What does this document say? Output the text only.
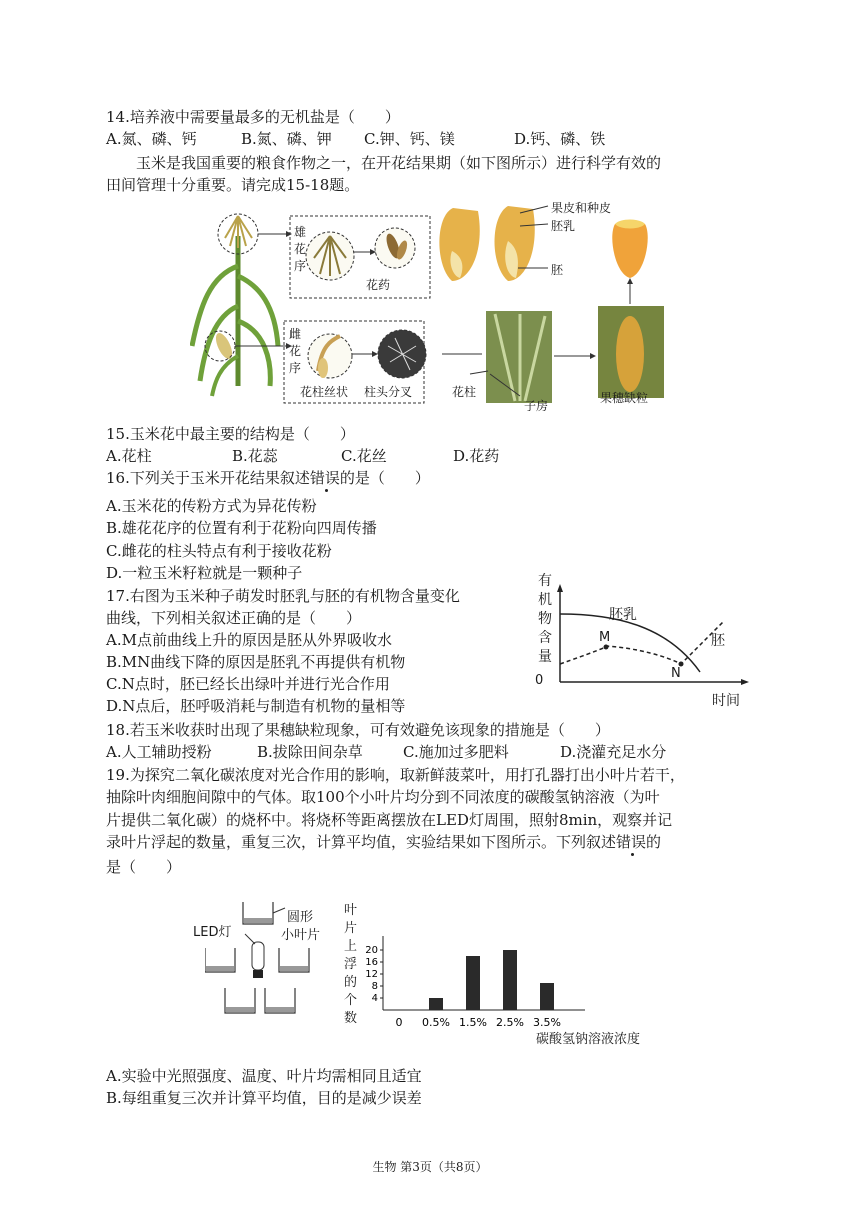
14.培养液中需要量最多的无机盐是（　　）
A.氮、磷、钙	B.氮、磷、钾 C.钾、钙、镁	D.钙、磷、铁
玉米是我国重要的粮食作物之一，在开花结果期（如下图所示）进行科学有效的
田间管理十分重要。请完成15-18题。
雄
花
序
花药
雌
花
序
花柱丝状 柱头分叉	花柱
子房
果皮和种皮
胚乳
胚
果穗缺粒
15.玉米花中最主要的结构是（　　）
A.花柱	B.花蕊	C.花丝	D.花药
16.下列关于玉米开花结果叙述错误的是（　　）
A.玉米花的传粉方式为异花传粉
B.雄花花序的位置有利于花粉向四周传播
C.雌花的柱头特点有利于接收花粉
D.一粒玉米籽粒就是一颗种子
17.右图为玉米种子萌发时胚乳与胚的有机物含量变化
曲线，下列相关叙述正确的是（　　）
A.M点前曲线上升的原因是胚从外界吸收水
B.MN曲线下降的原因是胚乳不再提供有机物
C.N点时，胚已经长出绿叶并进行光合作用
D.N点后，胚呼吸消耗与制造有机物的量相等
有
机
物
含
量
0
胚乳
胚
M
N
时间
18.若玉米收获时出现了果穗缺粒现象，可有效避免该现象的措施是（　　）
A.人工辅助授粉	B.拔除田间杂草	C.施加过多肥料	D.浇灌充足水分
19.为探究二氧化碳浓度对光合作用的影响，取新鲜菠菜叶，用打孔器打出小叶片若干，
抽除叶肉细胞间隙中的气体。取100个小叶片均分到不同浓度的碳酸氢钠溶液（为叶
片提供二氧化碳）的烧杯中。将烧杯等距离摆放在LED灯周围，照射8min，观察并记
录叶片浮起的数量，重复三次，计算平均值，实验结果如下图所示。下列叙述错误的
是（　　）
LED灯
圆形
小叶片
叶
片
上
浮
的
个
数
4
8
12
16
20
0 0.5% 1.5% 2.5% 3.5%
碳酸氢钠溶液浓度
A.实验中光照强度、温度、叶片均需相同且适宜
B.每组重复三次并计算平均值，目的是减少误差
生物 第3页（共8页）
